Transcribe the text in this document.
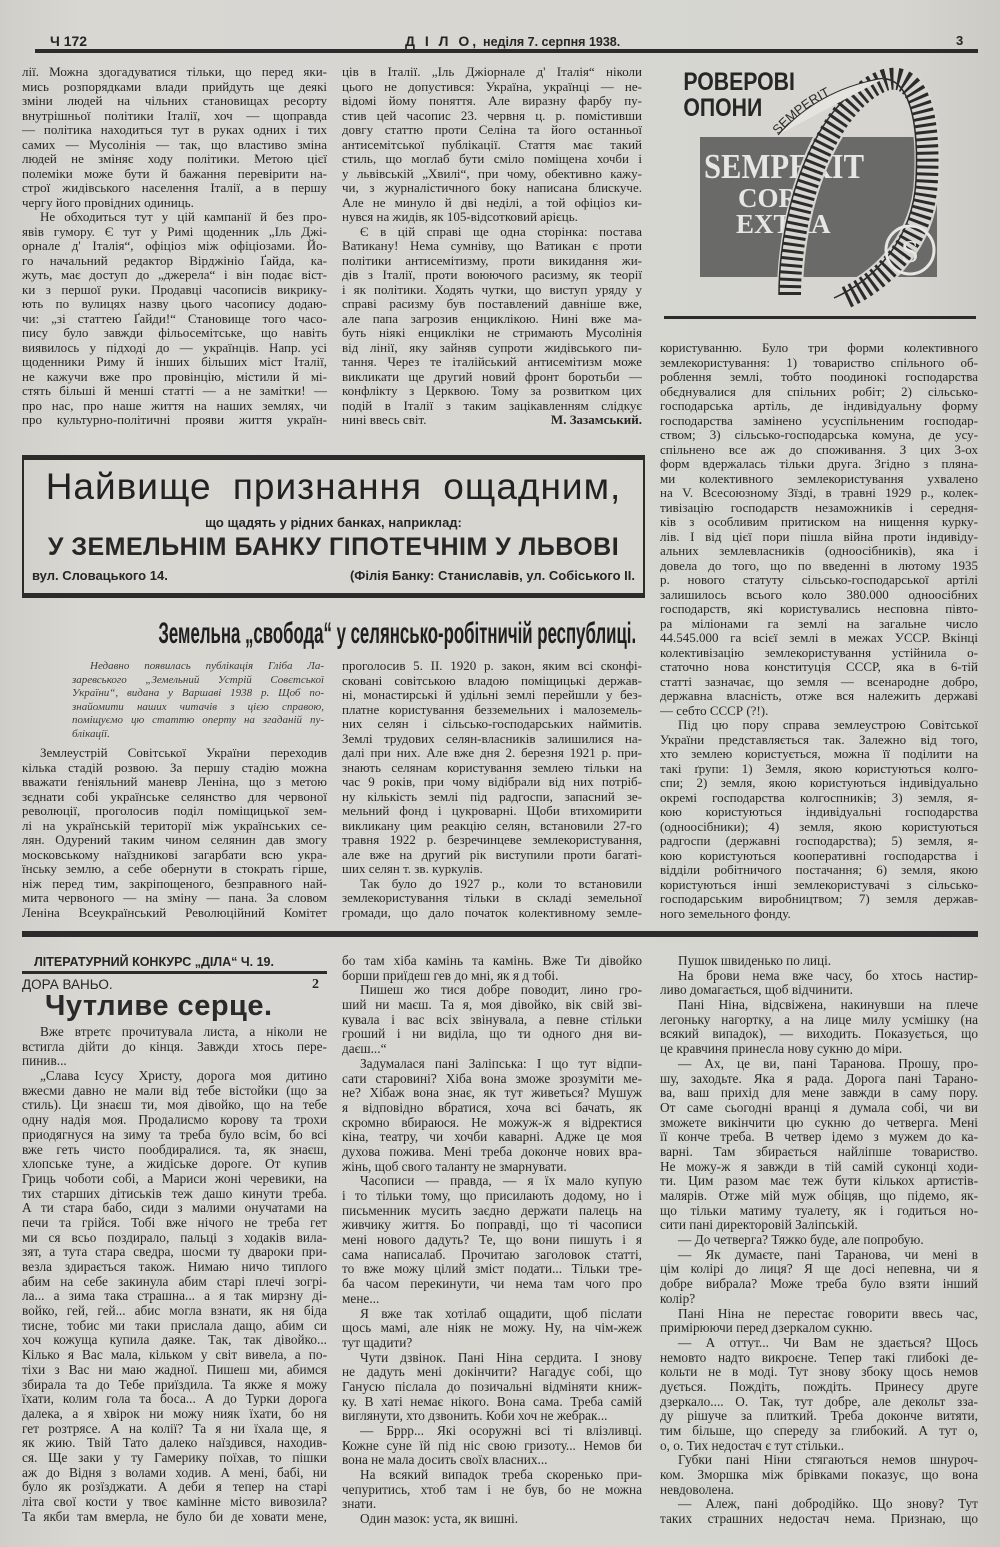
Ч 172	Д І Л О, неділя 7. серпня 1938.	3
лії. Можна здогадуватися тільки, що перед яки-
мись розпорядками влади прийдуть ще деякі
зміни людей на чільних становищах ресорту
внутрішньої політики Італії, хоч — щоправда
— політика находиться тут в руках одних і тих
самих — Мусолінія — так, що властиво зміна
людей не зміняє ходу політики. Метою цієї
полеміки може бути й бажання перевірити на-
строї жидівського населення Італії, а в першу
чергу його провідних одиниць.
Не обходиться тут у цій кампанії й без про-
явів гумору. Є тут у Римі щоденник „Іль Джі-
орнале д' Італія“, офіціоз між офіціозами. Йо-
го начальний редактор Вірджініо Ґайда, ка-
жуть, має доступ до „джерела“ і він подає віст-
ки з першої руки. Продавці часописів викрику-
ють по вулицях назву цього часопису додаю-
чи: „зі статтею Ґайди!“ Становище того часо-
пису було завжди фільосемітське, що навіть
виявилось у підході до — українців. Напр. усі
щоденники Риму й інших більших міст Італії,
не кажучи вже про провінцію, містили й мі-
стять більші й менші статті — а не замітки! —
про нас, про наше життя на наших землях, чи
про культурно-політичні прояви життя україн-
ців в Італії. „Іль Джіорнале д' Італія“ ніколи
цього не допустився: Україна, українці — не-
відомі йому поняття. Але виразну фарбу пу-
стив цей часопис 23. червня ц. р. помістивши
довгу статтю проти Селіна та його останньої
антисемітської публікації. Стаття має такий
стиль, що моглаб бути сміло поміщена хочби і
у львівській „Хвилі“, при чому, обективно кажу-
чи, з журналістичного боку написана блискуче.
Але не минуло й дві неділі, а той офіціоз ки-
нувся на жидів, як 105-відсотковий арієць.
Є в цій справі ще одна сторінка: постава
Ватикану! Нема сумніву, що Ватикан є проти
політики антисемітизму, проти викидання жи-
дів з Італії, проти воюючого расизму, як теорії
і як політики. Ходять чутки, що виступ уряду у
справі расизму був поставлений давніше вже,
але папа загрозив енциклікою. Нині вже ма-
буть ніякі енцикліки не стримають Мусолінія
від лінії, яку зайняв супроти жидівського пи-
тання. Через те італійський антисемітизм може
викликати ще другий новий фронт боротьби —
конфлікту з Церквою. Тому за розвитком цих
подій в Італії з таким зацікавленням слідкує
нині ввесь світ.	М. Зазамський.
РОВЕРОВІ
ОПОНИ
SEMPERIT
CORD
EXTRA
SEMPERIT
S
користуванню. Було три форми колективного
землекористування: 1) товариство спільного об-
роблення землі, тобто поодинокі господарства
обєднувалися для спільних робіт; 2) сільсько-
господарська артіль, де індивідуальну форму
господарства замінено усуспільненим господар-
ством; 3) сільсько-господарська комуна, де усу-
спільнено все аж до споживання. З цих 3-ох
форм вдержалась тільки друга. Згідно з пляна-
ми колективного землекористування ухвалено
на V. Всесоюзному Зїзді, в травні 1929 р., колек-
тивізацію господарств незаможників і середня-
ків з особливим притиском на нищення курку-
лів. І від цієї пори пішла війна проти індивіду-
альних землевласників (одноосібників), яка і
довела до того, що по введенні в лютому 1935
р. нового статуту сільсько-господарської артілі
залишилось всього коло 380.000 одноосібних
господарств, які користувались несповна півто-
ра міліонами га землі на загальне число
44.545.000 га всієї землі в межах УССР. Вкінці
колективізацію землекористування устійнила о-
статочно нова конституція СССР, яка в 6-тій
статті зазначає, що земля — всенародне добро,
державна власність, отже вся належить державі
— себто СССР (?!).
Під цю пору справа землеустрою Совітської
України представляється так. Залежно від того,
хто землею користується, можна її поділити на
такі ґрупи: 1) Земля, якою користуються колго-
спи; 2) земля, якою користуються індивідуально
окремі господарства колгоспників; 3) земля, я-
кою користуються індивідуальні господарства
(одноосібники); 4) земля, якою користуються
радгоспи (державні господарства); 5) земля, я-
кою користуються кооперативні господарства і
відділи робітничого постачання; 6) земля, якою
користуються інші землекористувачі з сільсько-
господарським виробництвом; 7) земля держав-
ного земельного фонду.
Найвище признання ощадним,
що щадять у рідних банках, наприклад:
У ЗЕМЕЛЬНІМ БАНКУ ГІПОТЕЧНІМ У ЛЬВОВІ
вул. Словацького 14.	(Філія Банку: Станиславів, ул. Собіського II.
Земельна „свобода“ у селянсько-робітничій республиці.
Недавно появилась публікація Гліба Ла-
заревського „Земельний Устрій Совєтської
України“, видана у Варшаві 1938 р. Щоб по-
знайомити наших читачів з цією справою,
поміщуємо цю статтю оперту на згаданій пу-
блікації.
Землеустрій Совітської України переходив
кілька стадій розвою. За першу стадію можна
вважати ґеніяльний маневр Леніна, що з метою
зєднати собі українське селянство для червоної
революції, проголосив поділ поміщицької зем-
лі на українській території між українських се-
лян. Одурений таким чином селянин дав змогу
московському наїздникові загарбати всю укра-
їнську землю, а себе обернути в стократь гірше,
ніж перед тим, закріпощеного, безправного най-
мита червоного — на зміну — пана. За словом
Леніна Всеукраїнський Революційний Комітет
проголосив 5. II. 1920 р. закон, яким всі сконфі-
сковані совітською владою поміщицькі держав-
ні, монастирські й удільні землі перейшли у без-
платне користування безземельних і малоземель-
них селян і сільсько-господарських наймитів.
Землі трудових селян-власників залишилися на-
далі при них. Але вже дня 2. березня 1921 р. при-
знають селянам користування землею тільки на
час 9 років, при чому відібрали від них потріб-
ну кількість землі під радгоспи, запасний зе-
мельний фонд і цукроварні. Щоби втихомирити
викликану цим реакцію селян, встановили 27-го
травня 1922 р. безречинцеве землекористування,
але вже на другий рік виступили проти багаті-
ших селян т. зв. куркулів.
Так було до 1927 р., коли то встановили
землекористування тільки в складі земельної
громади, що дало початок колективному земле-
ЛІТЕРАТУРНИЙ КОНКУРС „ДІЛА“ Ч. 19.
ДОРА ВАНЬО.	2
Чутливе серце.
Вже втретє прочитувала листа, а ніколи не
встигла дійти до кінця. Завжди хтось пере-
пинив...
„Слава Ісусу Христу, дорога моя дитино
вжесми давно не мали від тебе вістойки (що за
стиль). Ци знаєш ти, моя дівойко, що на тебе
одну надія моя. Продалисмо корову та трохи
приодягнуся на зиму та треба було всім, бо всі
вже геть чисто пообдиралися. та, як знаєш,
хлопське туне, а жидіське дороге. От купив
Гриць чоботи собі, а Мариси жоні черевики, на
тих старших дітиськів теж дашо кинути треба.
А ти стара бабо, сиди з малими онучатами на
печи та грійся. Тобі вже нічого не треба гет
ми ся всьо поздирало, пальці з ходаків вила-
зят, а тута стара сведра, шосми ту двароки при-
везла здирається також. Нимаю ничо типлого
абим на себе закинула абим старі плечі зогрі-
ла... а зима така страшна... а я так мирзну ді-
войко, гей, гей... абис могла взнати, як ня біда
тисне, тобис ми таки прислала дащо, абим си
хоч кожуща купила даяке. Так, так дівойко...
Кілько я Вас мала, кільком у світ вивела, а по-
тіхи з Вас ни маю жадної. Пишеш ми, абимся
збирала та до Тебе приїздила. Та якже я можу
їхати, колим гола та боса... А до Турки дорога
далека, а я хвірок ни можу нияк їхати, бо ня
гет розтрясе. А на колії? Та я ни їхала ще, я
як жию. Твій Тато далеко наїздився, находив-
ся. Ще заки у ту Гамерику поїхав, то пішки
аж до Відня з волами ходив. А мені, бабі, ни
було як розїзджати. А деби я тепер на старі
літа свої кости у твоє камінне місто вивозила?
Та якби там вмерла, не було би де ховати мене,
бо там хіба камінь та камінь. Вже Ти дівойко
борши приїдеш гев до мні, як я д тобі.
Пишеш жо тися добре поводит, лино гро-
ший ни маєш. Та я, моя дівойко, вік свій зві-
кувала і вас всіх звінувала, а певне стільки
гроший і ни виділа, що ти одного дня ви-
даєш...“
Задумалася пані Заліпська: І що тут відпи-
сати старовині? Хіба вона зможе зрозуміти ме-
не? Хібаж вона знає, як тут живеться? Мушуж
я відповідно вбратися, хоча всі бачать, як
скромно вбираюся. Не можуж-ж я відректися
кіна, театру, чи хочби каварні. Адже це моя
духова пожива. Мені треба доконче нових вра-
жінь, щоб свого таланту не змарнувати.
Часописи — правда, — я їх мало купую
і то тільки тому, що присилають додому, но і
письменник мусить заєдно держати палець на
живчику життя. Бо поправді, що ті часописи
мені нового дадуть? Те, що вони пишуть і я
сама написалаб. Прочитаю заголовок статті,
то вже можу цілий зміст подати... Тільки тре-
ба часом перекинути, чи нема там чого про
мене...
Я вже так хотілаб ощадити, щоб післати
щось мамі, але ніяк не можу. Ну, на чім-жеж
тут щадити?
Чути дзвінок. Пані Ніна сердита. І знову
не дадуть мені докінчити? Нагадує собі, що
Ганусю післала до позичальні відміняти книж-
ку. В хаті немає нікого. Вона сама. Треба самій
виглянути, хто дзвонить. Коби хоч не жебрак...
— Бррр... Які осоружні всі ті влізливці.
Кожне суне їй під ніс свою гризоту... Немов би
вона не мала досить своїх власних...
На всякий випадок треба скоренько при-
чепуритись, хтоб там і не був, бо не можна
знати.
Один мазок: уста, як вишні.
Пушок швиденько по лиці.
На брови нема вже часу, бо хтось настир-
ливо домагається, щоб відчинити.
Пані Ніна, відсвіжена, накинувши на плече
легоньку нагортку, а на лице милу усмішку (на
всякий випадок), — виходить. Показується, що
це кравчиня принесла нову сукню до міри.
— Ах, це ви, пані Таранова. Прошу, про-
шу, заходьте. Яка я рада. Дорога пані Тарано-
ва, ваш прихід для мене завжди в саму пору.
От саме сьогодні вранці я думала собі, чи ви
зможете викінчити цю сукню до четверга. Мені
її конче треба. В четвер ідемо з мужем до ка-
варні. Там збирається найліпше товариство.
Не можу-ж я завжди в тій самій суконці ходи-
ти. Цим разом має теж бути кількох артистів-
малярів. Отже мій муж обіцяв, що підемо, як-
що тільки матиму туалету, як і годиться но-
сити пані директоровій Заліпській.
— До четверга? Тяжко буде, але попробую.
— Як думаєте, пані Таранова, чи мені в
цім колірі до лиця? Я ще досі непевна, чи я
добре вибрала? Може треба було взяти інший
колір?
Пані Ніна не перестає говорити ввесь час,
примірюючи перед дзеркалом сукню.
— А оттут... Чи Вам не здається? Щось
немовто надто викроєне. Тепер такі глибокі де-
кольти не в моді. Тут знову збоку щось немов
дується. Пождіть, пождіть. Принесу друге
дзеркало.... О. Так, тут добре, але декольт зза-
ду рішуче за плиткий. Треба доконче витяти,
тим більше, що спереду за глибокий. А тут о,
о, о. Тих недостач є тут стільки..
Губки пані Ніни стягаються немов шнуроч-
ком. Зморшка між брівками показує, що вона
невдоволена.
— Алеж, пані добродійко. Що знову? Тут
таких страшних недостач нема. Признаю, що
